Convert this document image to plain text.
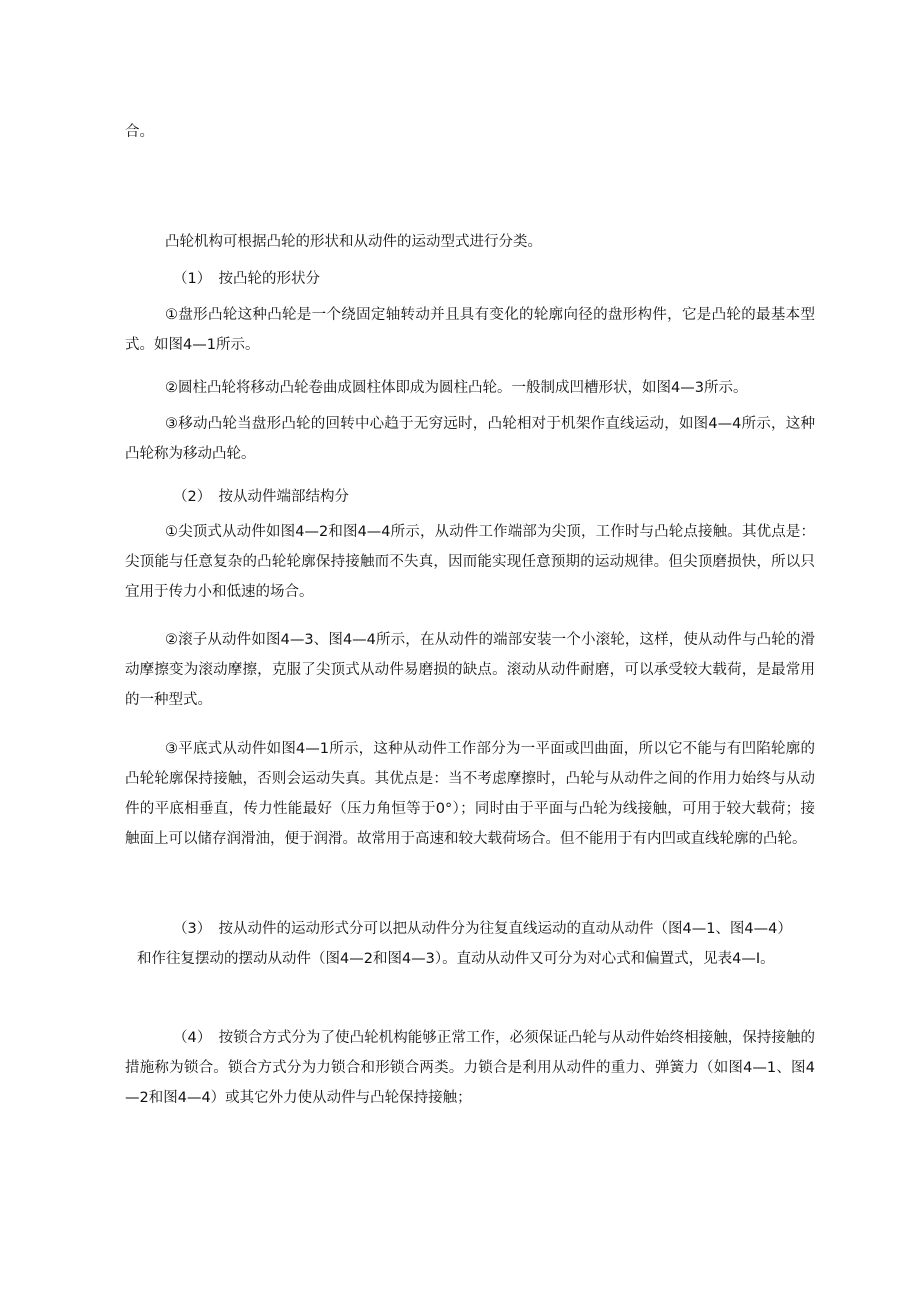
合。

凸轮机构可根据凸轮的形状和从动件的运动型式进行分类。

（1）　按凸轮的形状分

①盘形凸轮这种凸轮是一个绕固定轴转动并且具有变化的轮廓向径的盘形构件，它是凸轮的最基本型式。如图4—1所示。

②圆柱凸轮将移动凸轮卷曲成圆柱体即成为圆柱凸轮。一般制成凹槽形状，如图4—3所示。

③移动凸轮当盘形凸轮的回转中心趋于无穷远时，凸轮相对于机架作直线运动，如图4—4所示，这种凸轮称为移动凸轮。

（2）　按从动件端部结构分

①尖顶式从动件如图4—2和图4—4所示，从动件工作端部为尖顶，工作时与凸轮点接触。其优点是：尖顶能与任意复杂的凸轮轮廓保持接触而不失真，因而能实现任意预期的运动规律。但尖顶磨损快，所以只宜用于传力小和低速的场合。

②滚子从动件如图4—3、图4—4所示，在从动件的端部安装一个小滚轮，这样，使从动件与凸轮的滑动摩擦变为滚动摩擦，克服了尖顶式从动件易磨损的缺点。滚动从动件耐磨，可以承受较大载荷，是最常用的一种型式。

③平底式从动件如图4—1所示，这种从动件工作部分为一平面或凹曲面，所以它不能与有凹陷轮廓的凸轮轮廓保持接触，否则会运动失真。其优点是：当不考虑摩擦时，凸轮与从动件之间的作用力始终与从动件的平底相垂直，传力性能最好（压力角恒等于0°）；同时由于平面与凸轮为线接触，可用于较大载荷；接触面上可以储存润滑油，便于润滑。故常用于高速和较大载荷场合。但不能用于有内凹或直线轮廓的凸轮。

（3）　按从动件的运动形式分可以把从动件分为往复直线运动的直动从动件（图4—1、图4—4）
和作往复摆动的摆动从动件（图4—2和图4—3）。直动从动件又可分为对心式和偏置式，见表4—I。

（4）　按锁合方式分为了使凸轮机构能够正常工作，必须保证凸轮与从动件始终相接触，保持接触的措施称为锁合。锁合方式分为力锁合和形锁合两类。力锁合是利用从动件的重力、弹簧力（如图4—1、图4—2和图4—4）或其它外力使从动件与凸轮保持接触；
